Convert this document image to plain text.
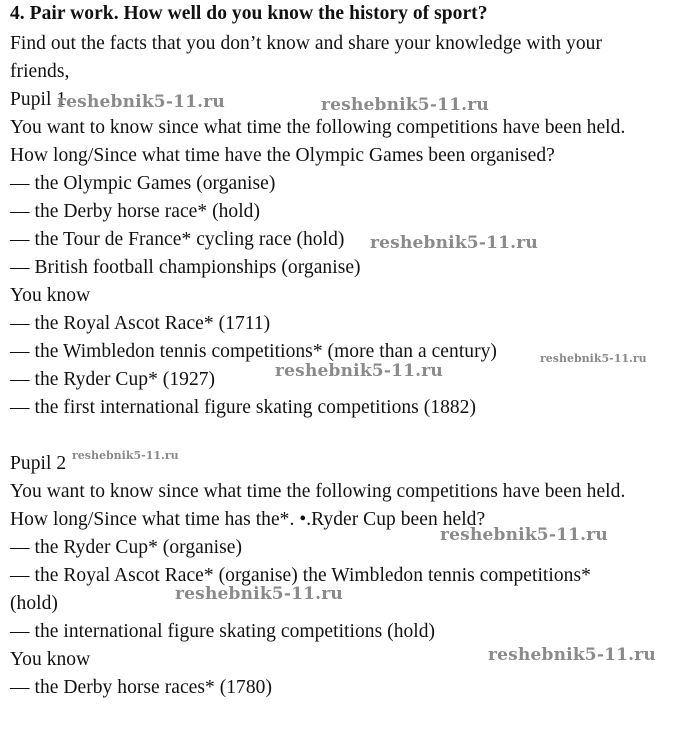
4. Pair work. How well do you know the history of sport?
Find out the facts that you don’t know and share your knowledge with your
friends,
Pupil 1
You want to know since what time the following competitions have been held.
How long/Since what time have the Olympic Games been organised?
— the Olympic Games (organise)
— the Derby horse race* (hold)
— the Tour de France* cycling race (hold)
— British football championships (organise)
You know
— the Royal Ascot Race* (1711)
— the Wimbledon tennis competitions* (more than a century)
— the Ryder Cup* (1927)
— the first international figure skating competitions (1882)
Pupil 2
You want to know since what time the following competitions have been held.
How long/Since what time has the*. •.Ryder Cup been held?
— the Ryder Cup* (organise)
— the Royal Ascot Race* (organise) the Wimbledon tennis competitions*
(hold)
— the international figure skating competitions (hold)
You know
— the Derby horse races* (1780)
reshebnik5-11.ru	reshebnik5-11.ru
reshebnik5-11.ru
reshebnik5-11.ru
reshebnik5-11.ru
reshebnik5-11.ru
reshebnik5-11.ru
reshebnik5-11.ru
reshebnik5-11.ru
